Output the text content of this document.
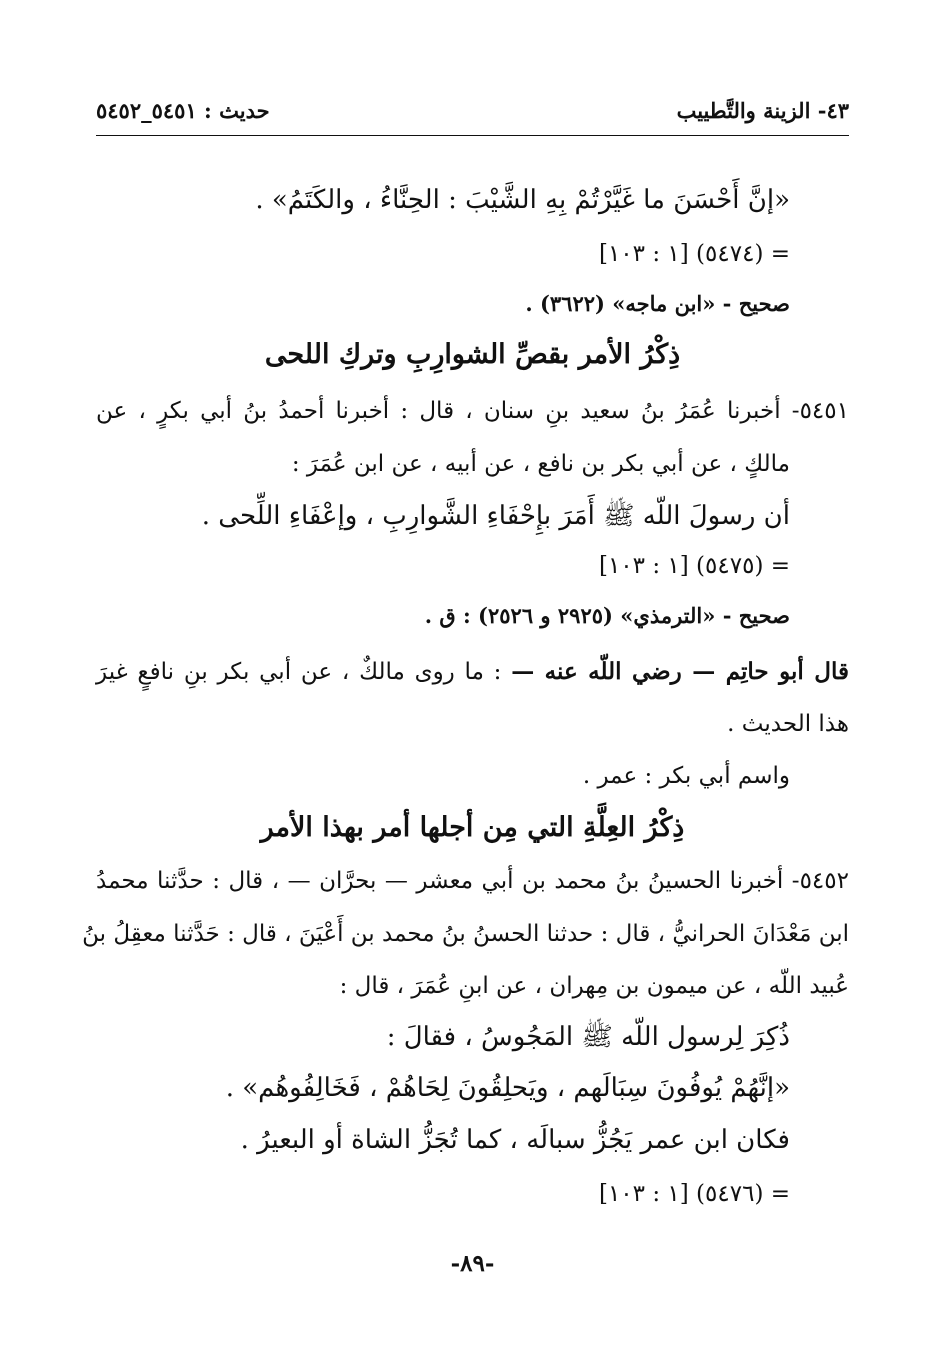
٤٣- الزينة والتَّطييب
حديث : ٥٤٥١_٥٤٥٢
«إنَّ أَحْسَنَ ما غَيَّرْتُمْ بِهِ الشَّيْبَ : الحِنَّاءُ ، والكَتَمُ» .
= (٥٤٧٤) [١ : ١٠٣]
صحيح - «ابن ماجه» (٣٦٢٢) .
ذِكْرُ الأمر بقصِّ الشوارِبِ وتركِ اللحى
٥٤٥١- أخبرنا عُمَرُ بنُ سعيد بنِ سنان ، قال : أخبرنا أحمدُ بنُ أبي بكرٍ ، عن
مالكٍ ، عن أبي بكر بن نافع ، عن أبيه ، عن ابن عُمَرَ :
أن رسولَ اللّه ﷺ أَمَرَ بإِحْفَاءِ الشَّوارِبِ ، وإعْفَاءِ اللِّحى .
= (٥٤٧٥) [١ : ١٠٣]
صحيح - «الترمذي» (٢٩٢٥ و ٢٥٢٦) : ق .
قال أبو حاتِم — رضي اللّه عنه — : ما روى مالكٌ ، عن أبي بكر بنِ نافعٍ غيرَ
هذا الحديث .
واسم أبي بكر : عمر .
ذِكْرُ العِلَّةِ التي مِن أجلها أمر بهذا الأمر
٥٤٥٢- أخبرنا الحسينُ بنُ محمد بن أبي معشر — بحرَّان — ، قال : حدَّثنا محمدُ
ابن مَعْدَانَ الحرانيُّ ، قال : حدثنا الحسنُ بنُ محمد بن أَعْيَنَ ، قال : حَدَّثنا معقِلُ بنُ
عُبيد اللّه ، عن ميمون بن مِهران ، عن ابنِ عُمَرَ ، قال :
ذُكِرَ لِرسول اللّه ﷺ المَجُوسُ ، فقالَ :
«إنَّهُمْ يُوفُونَ سِبَالَهم ، ويَحلِقُونَ لِحَاهُمْ ، فَخَالِفُوهُم» .
فكان ابن عمر يَجُزُّ سبالَه ، كما تُجَزُّ الشاة أو البعيرُ .
= (٥٤٧٦) [١ : ١٠٣]
-٨٩-
